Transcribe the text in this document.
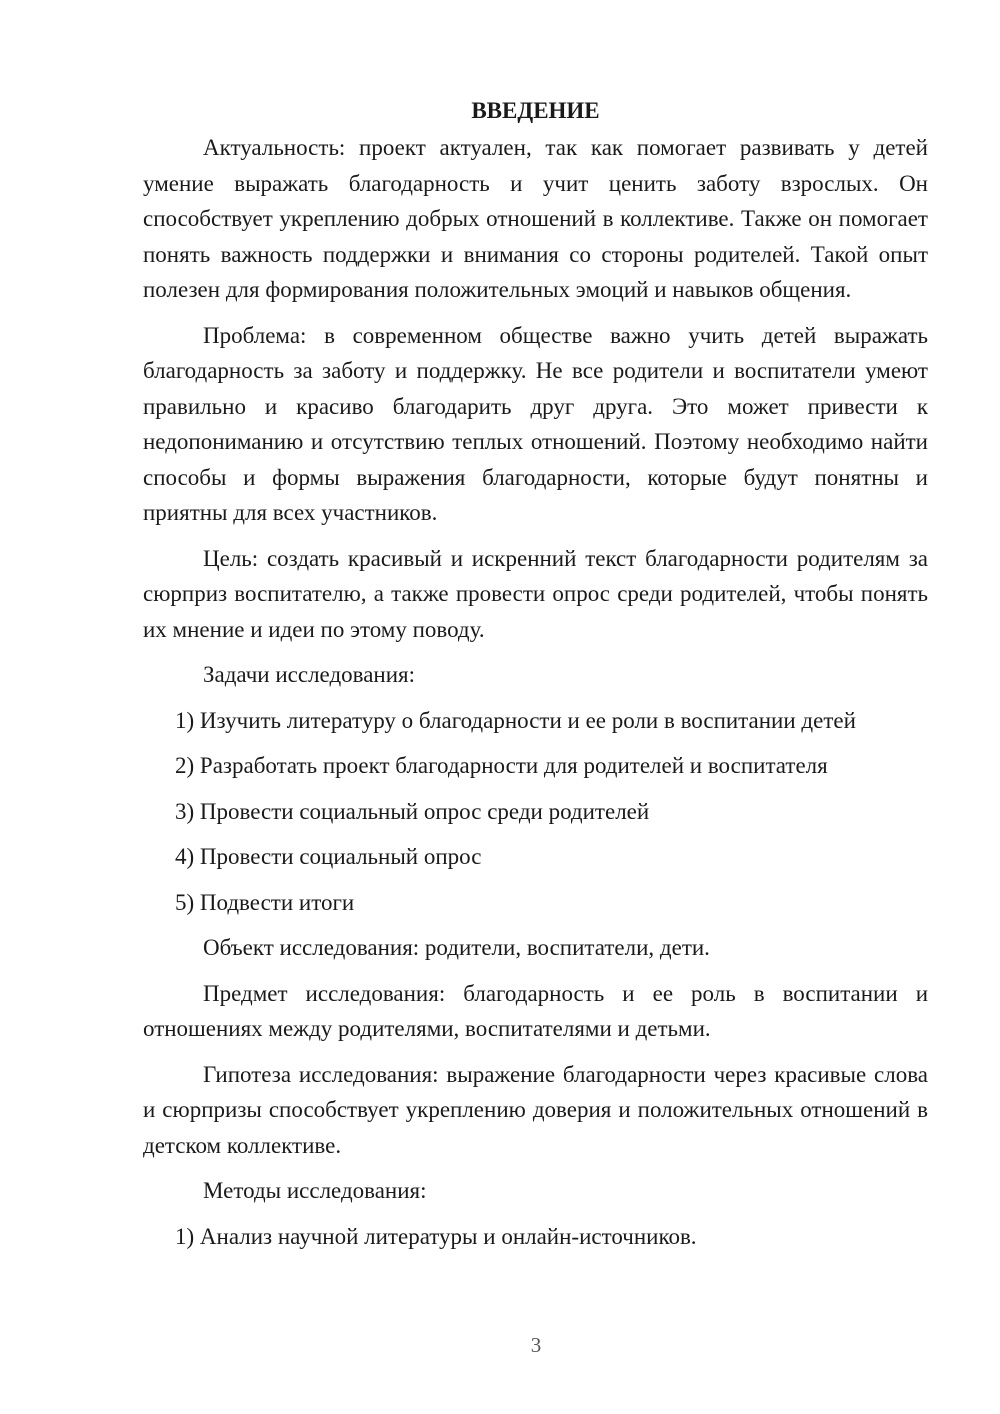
ВВЕДЕНИЕ

Актуальность: проект актуален, так как помогает развивать у детей умение выражать благодарность и учит ценить заботу взрослых. Он способствует укреплению добрых отношений в коллективе. Также он помогает понять важность поддержки и внимания со стороны родителей. Такой опыт полезен для формирования положительных эмоций и навыков общения.

Проблема: в современном обществе важно учить детей выражать благодарность за заботу и поддержку. Не все родители и воспитатели умеют правильно и красиво благодарить друг друга. Это может привести к недопониманию и отсутствию теплых отношений. Поэтому необходимо найти способы и формы выражения благодарности, которые будут понятны и приятны для всех участников.

Цель: создать красивый и искренний текст благодарности родителям за сюрприз воспитателю, а также провести опрос среди родителей, чтобы понять их мнение и идеи по этому поводу.

Задачи исследования:

1) Изучить литературу о благодарности и ее роли в воспитании детей
2) Разработать проект благодарности для родителей и воспитателя
3) Провести социальный опрос среди родителей
4) Провести социальный опрос
5) Подвести итоги

Объект исследования: родители, воспитатели, дети.

Предмет исследования: благодарность и ее роль в воспитании и отношениях между родителями, воспитателями и детьми.

Гипотеза исследования: выражение благодарности через красивые слова и сюрпризы способствует укреплению доверия и положительных отношений в детском коллективе.

Методы исследования:

1) Анализ научной литературы и онлайн-источников.
3
